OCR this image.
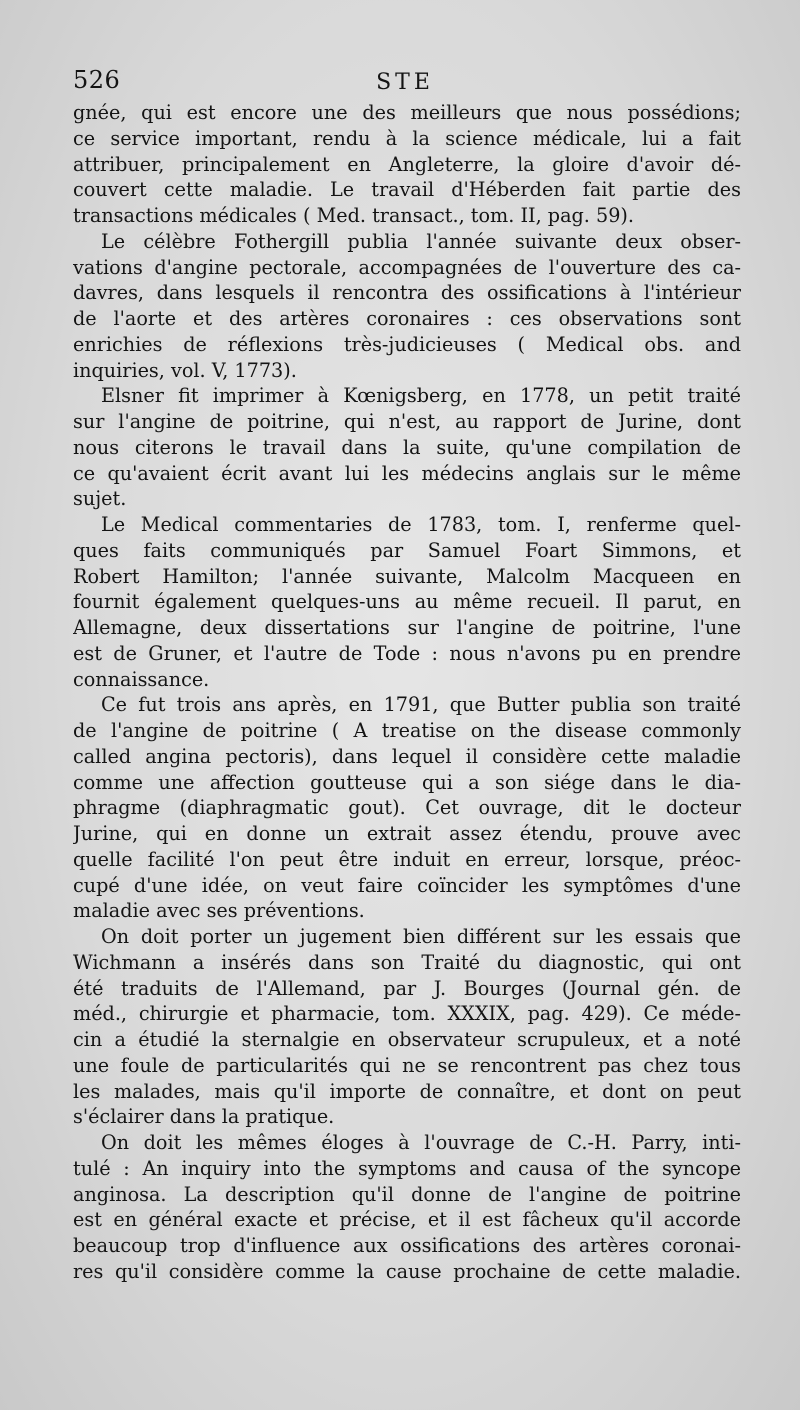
526	STE
gnée, qui est encore une des meilleurs que nous possédions;
ce service important, rendu à la science médicale, lui a fait
attribuer, principalement en Angleterre, la gloire d'avoir dé-
couvert cette maladie. Le travail d'Héberden fait partie des
transactions médicales ( Med. transact., tom. II, pag. 59).
Le célèbre Fothergill publia l'année suivante deux obser-
vations d'angine pectorale, accompagnées de l'ouverture des ca-
davres, dans lesquels il rencontra des ossifications à l'intérieur
de l'aorte et des artères coronaires : ces observations sont
enrichies de réflexions très-judicieuses ( Medical obs. and
inquiries, vol. V, 1773).
Elsner fit imprimer à Kœnigsberg, en 1778, un petit traité
sur l'angine de poitrine, qui n'est, au rapport de Jurine, dont
nous citerons le travail dans la suite, qu'une compilation de
ce qu'avaient écrit avant lui les médecins anglais sur le même
sujet.
Le Medical commentaries de 1783, tom. I, renferme quel-
ques faits communiqués par Samuel Foart Simmons, et
Robert Hamilton; l'année suivante, Malcolm Macqueen en
fournit également quelques-uns au même recueil. Il parut, en
Allemagne, deux dissertations sur l'angine de poitrine, l'une
est de Gruner, et l'autre de Tode : nous n'avons pu en prendre
connaissance.
Ce fut trois ans après, en 1791, que Butter publia son traité
de l'angine de poitrine ( A treatise on the disease commonly
called angina pectoris), dans lequel il considère cette maladie
comme une affection goutteuse qui a son siége dans le dia-
phragme (diaphragmatic gout). Cet ouvrage, dit le docteur
Jurine, qui en donne un extrait assez étendu, prouve avec
quelle facilité l'on peut être induit en erreur, lorsque, préoc-
cupé d'une idée, on veut faire coïncider les symptômes d'une
maladie avec ses préventions.
On doit porter un jugement bien différent sur les essais que
Wichmann a insérés dans son Traité du diagnostic, qui ont
été traduits de l'Allemand, par J. Bourges (Journal gén. de
méd., chirurgie et pharmacie, tom. XXXIX, pag. 429). Ce méde-
cin a étudié la sternalgie en observateur scrupuleux, et a noté
une foule de particularités qui ne se rencontrent pas chez tous
les malades, mais qu'il importe de connaître, et dont on peut
s'éclairer dans la pratique.
On doit les mêmes éloges à l'ouvrage de C.-H. Parry, inti-
tulé : An inquiry into the symptoms and causa of the syncope
anginosa. La description qu'il donne de l'angine de poitrine
est en général exacte et précise, et il est fâcheux qu'il accorde
beaucoup trop d'influence aux ossifications des artères coronai-
res qu'il considère comme la cause prochaine de cette maladie.
